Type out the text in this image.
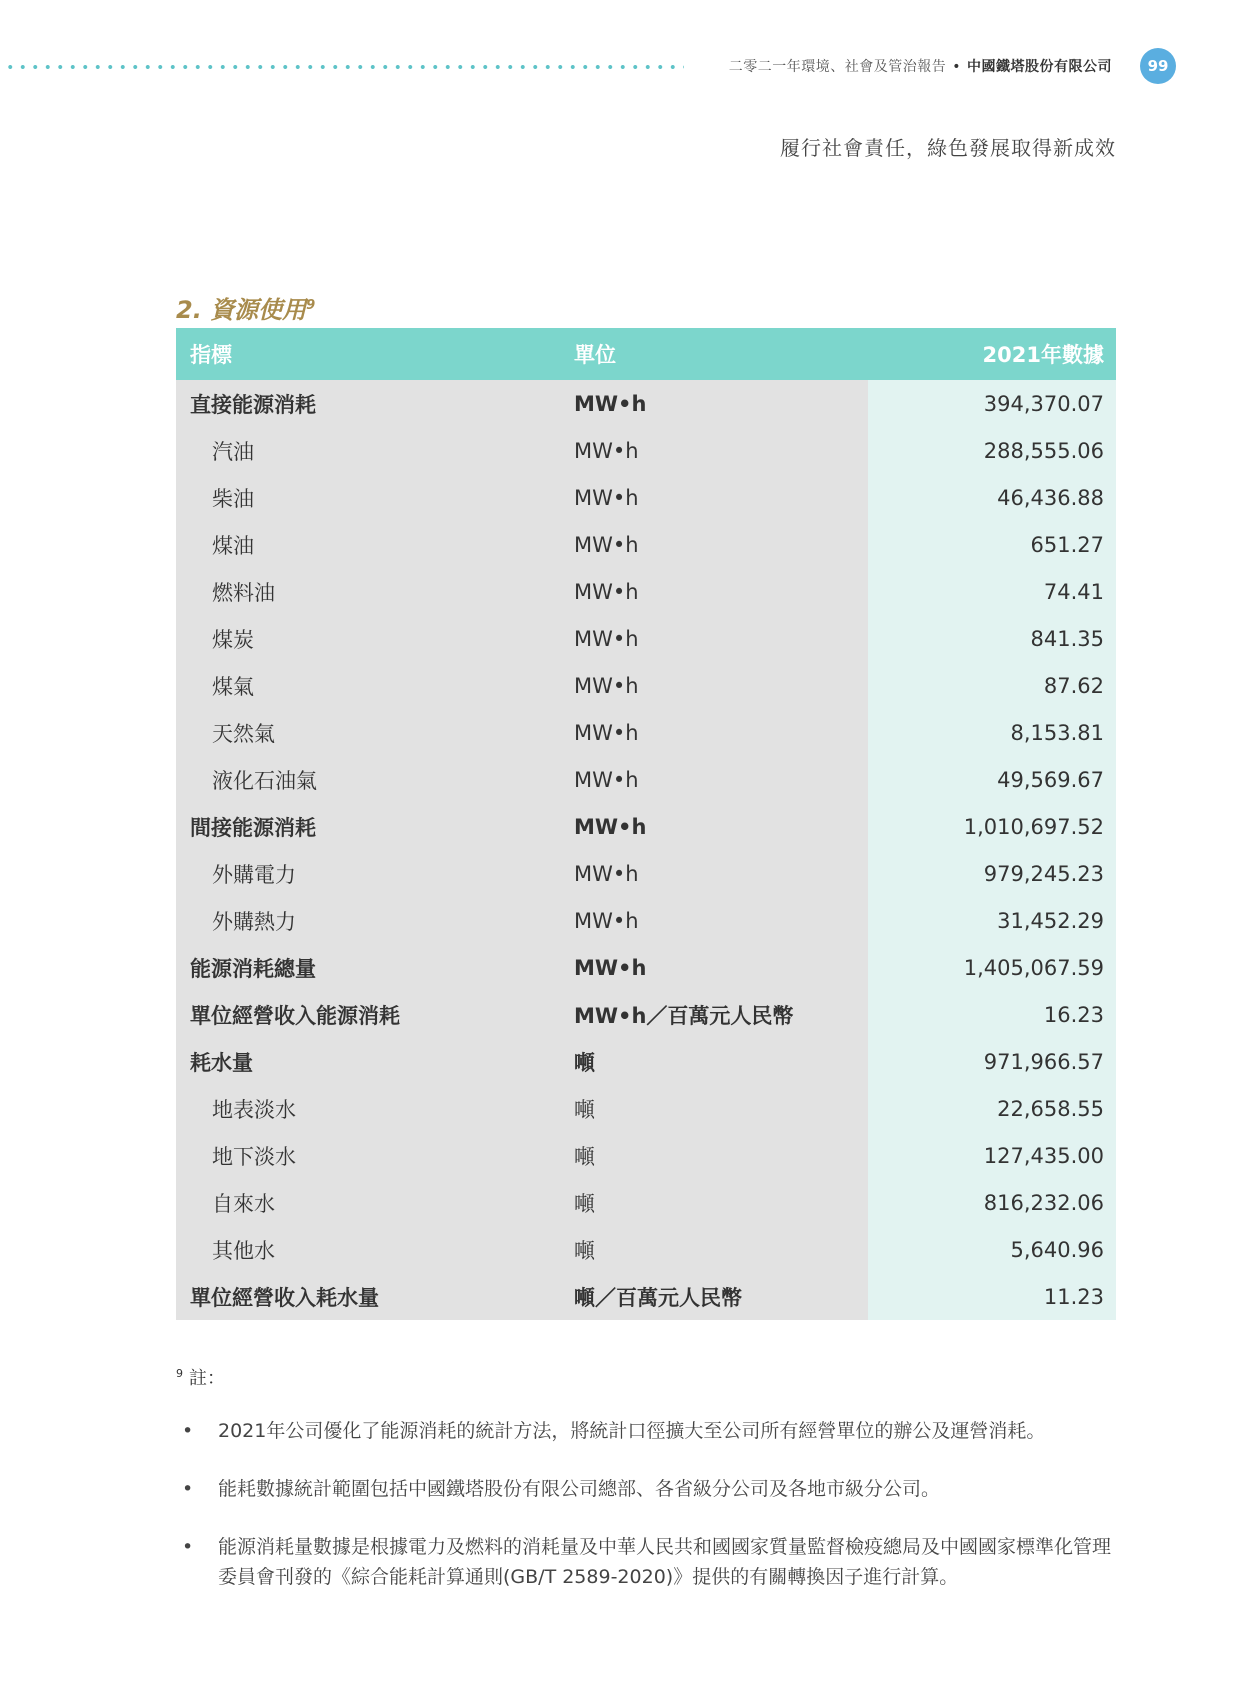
二零二一年環境、社會及管治報告 • 中國鐵塔股份有限公司	99
履行社會責任，綠色發展取得新成效
2. 資源使用$^9$
指標	單位	2021年數據
直接能源消耗	MW•h	394,370.07
汽油	MW•h	288,555.06
柴油	MW•h	46,436.88
煤油	MW•h	651.27
燃料油	MW•h	74.41
煤炭	MW•h	841.35
煤氣	MW•h	87.62
天然氣	MW•h	8,153.81
液化石油氣	MW•h	49,569.67
間接能源消耗	MW•h	1,010,697.52
外購電力	MW•h	979,245.23
外購熱力	MW•h	31,452.29
能源消耗總量	MW•h	1,405,067.59
單位經營收入能源消耗	MW•h／百萬元人民幣	16.23
耗水量	噸	971,966.57
地表淡水	噸	22,658.55
地下淡水	噸	127,435.00
自來水	噸	816,232.06
其他水	噸	5,640.96
單位經營收入耗水量	噸／百萬元人民幣	11.23
$^9$ 註：
• 2021年公司優化了能源消耗的統計方法，將統計口徑擴大至公司所有經營單位的辦公及運營消耗。
• 能耗數據統計範圍包括中國鐵塔股份有限公司總部、各省級分公司及各地市級分公司。
• 能源消耗量數據是根據電力及燃料的消耗量及中華人民共和國國家質量監督檢疫總局及中國國家標準化管理委員會刊發的《綜合能耗計算通則(GB/T 2589-2020)》提供的有關轉換因子進行計算。
